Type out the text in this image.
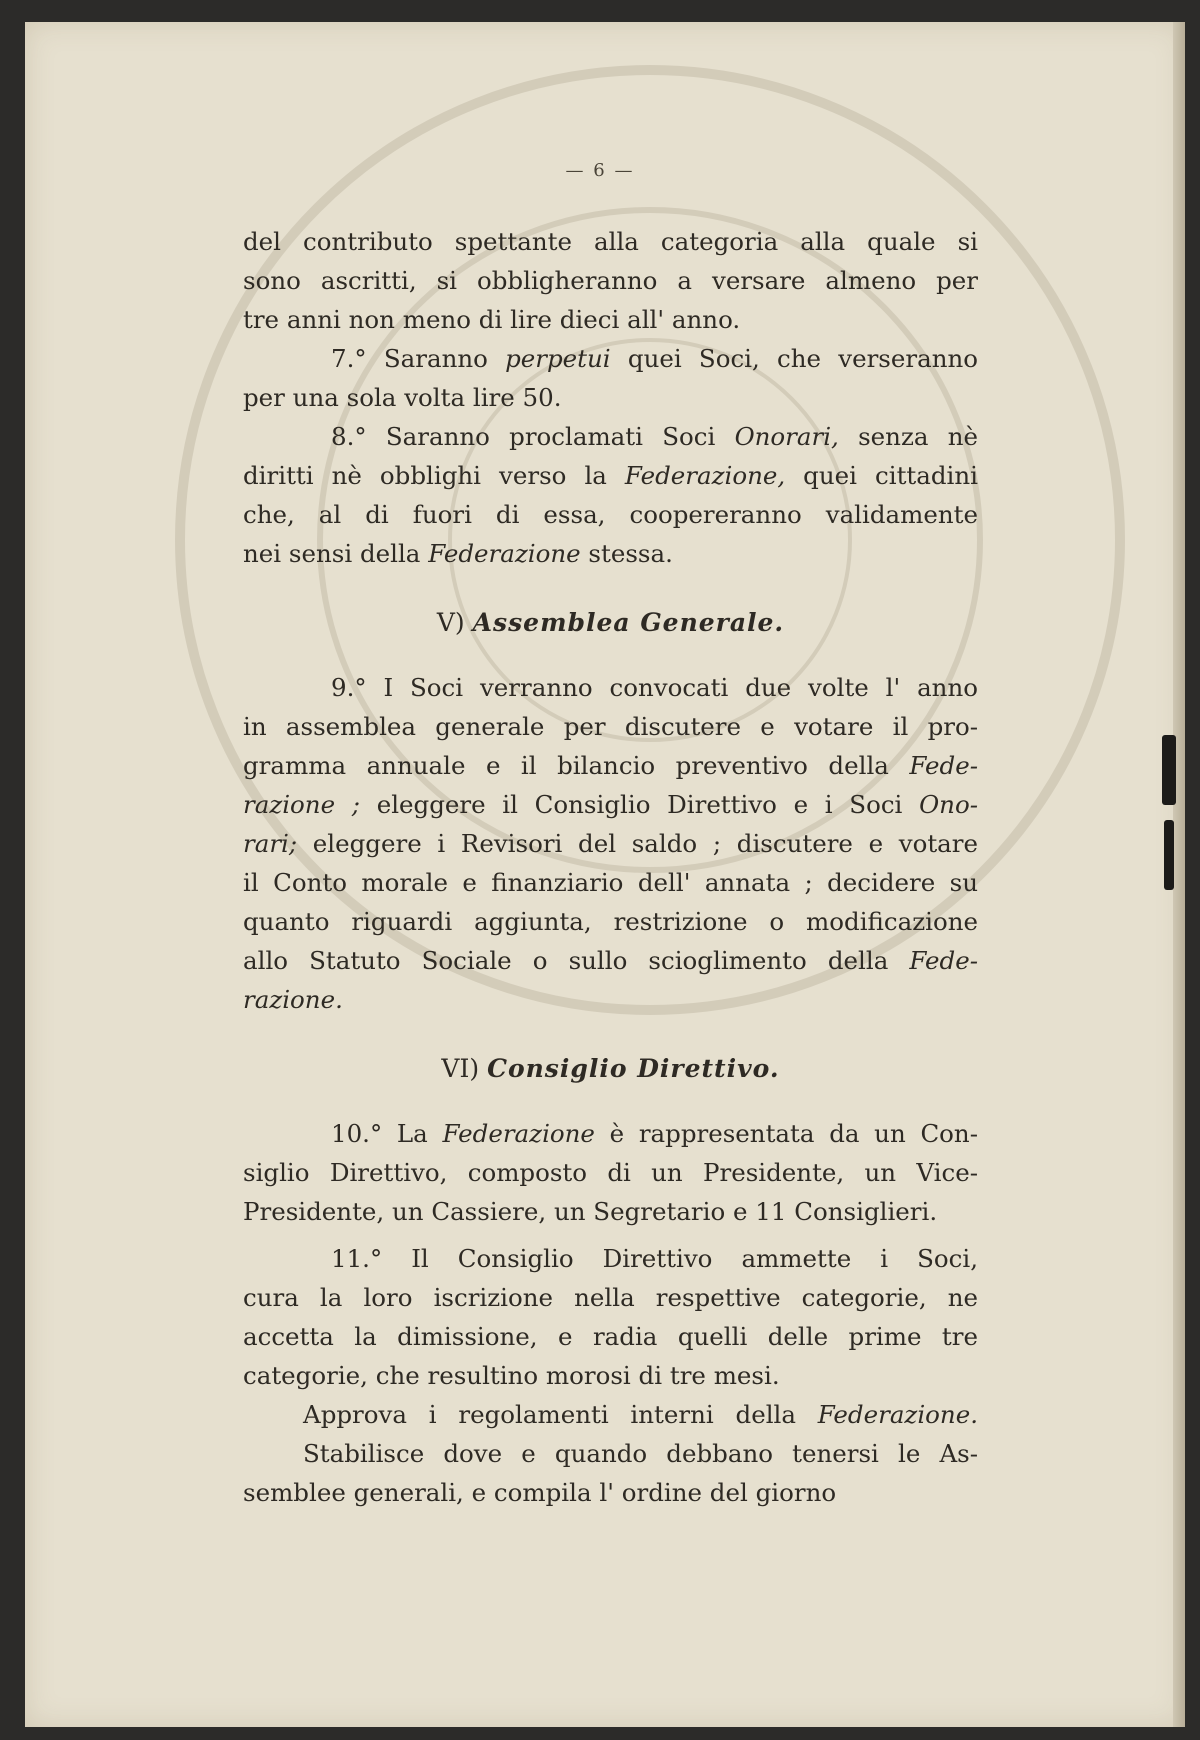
— 6 —
del contributo spettante alla categoria alla quale si
sono ascritti, si obbligheranno a versare almeno per
tre anni non meno di lire dieci all' anno.
7.° Saranno perpetui quei Soci, che verseranno
per una sola volta lire 50.
8.° Saranno proclamati Soci Onorari, senza nè
diritti nè obblighi verso la Federazione, quei cittadini
che, al di fuori di essa, coopereranno validamente
nei sensi della Federazione stessa.
V) Assemblea Generale.
9.° I Soci verranno convocati due volte l' anno
in assemblea generale per discutere e votare il pro-
gramma annuale e il bilancio preventivo della Fede-
razione ; eleggere il Consiglio Direttivo e i Soci Ono-
rari; eleggere i Revisori del saldo ; discutere e votare
il Conto morale e finanziario dell' annata ; decidere su
quanto riguardi aggiunta, restrizione o modificazione
allo Statuto Sociale o sullo scioglimento della Fede-
razione.
VI) Consiglio Direttivo.
10.° La Federazione è rappresentata da un Con-
siglio Direttivo, composto di un Presidente, un Vice-
Presidente, un Cassiere, un Segretario e 11 Consiglieri.
11.° Il Consiglio Direttivo ammette i Soci,
cura la loro iscrizione nella respettive categorie, ne
accetta la dimissione, e radia quelli delle prime tre
categorie, che resultino morosi di tre mesi.
Approva i regolamenti interni della Federazione.
Stabilisce dove e quando debbano tenersi le As-
semblee generali, e compila l' ordine del giorno
